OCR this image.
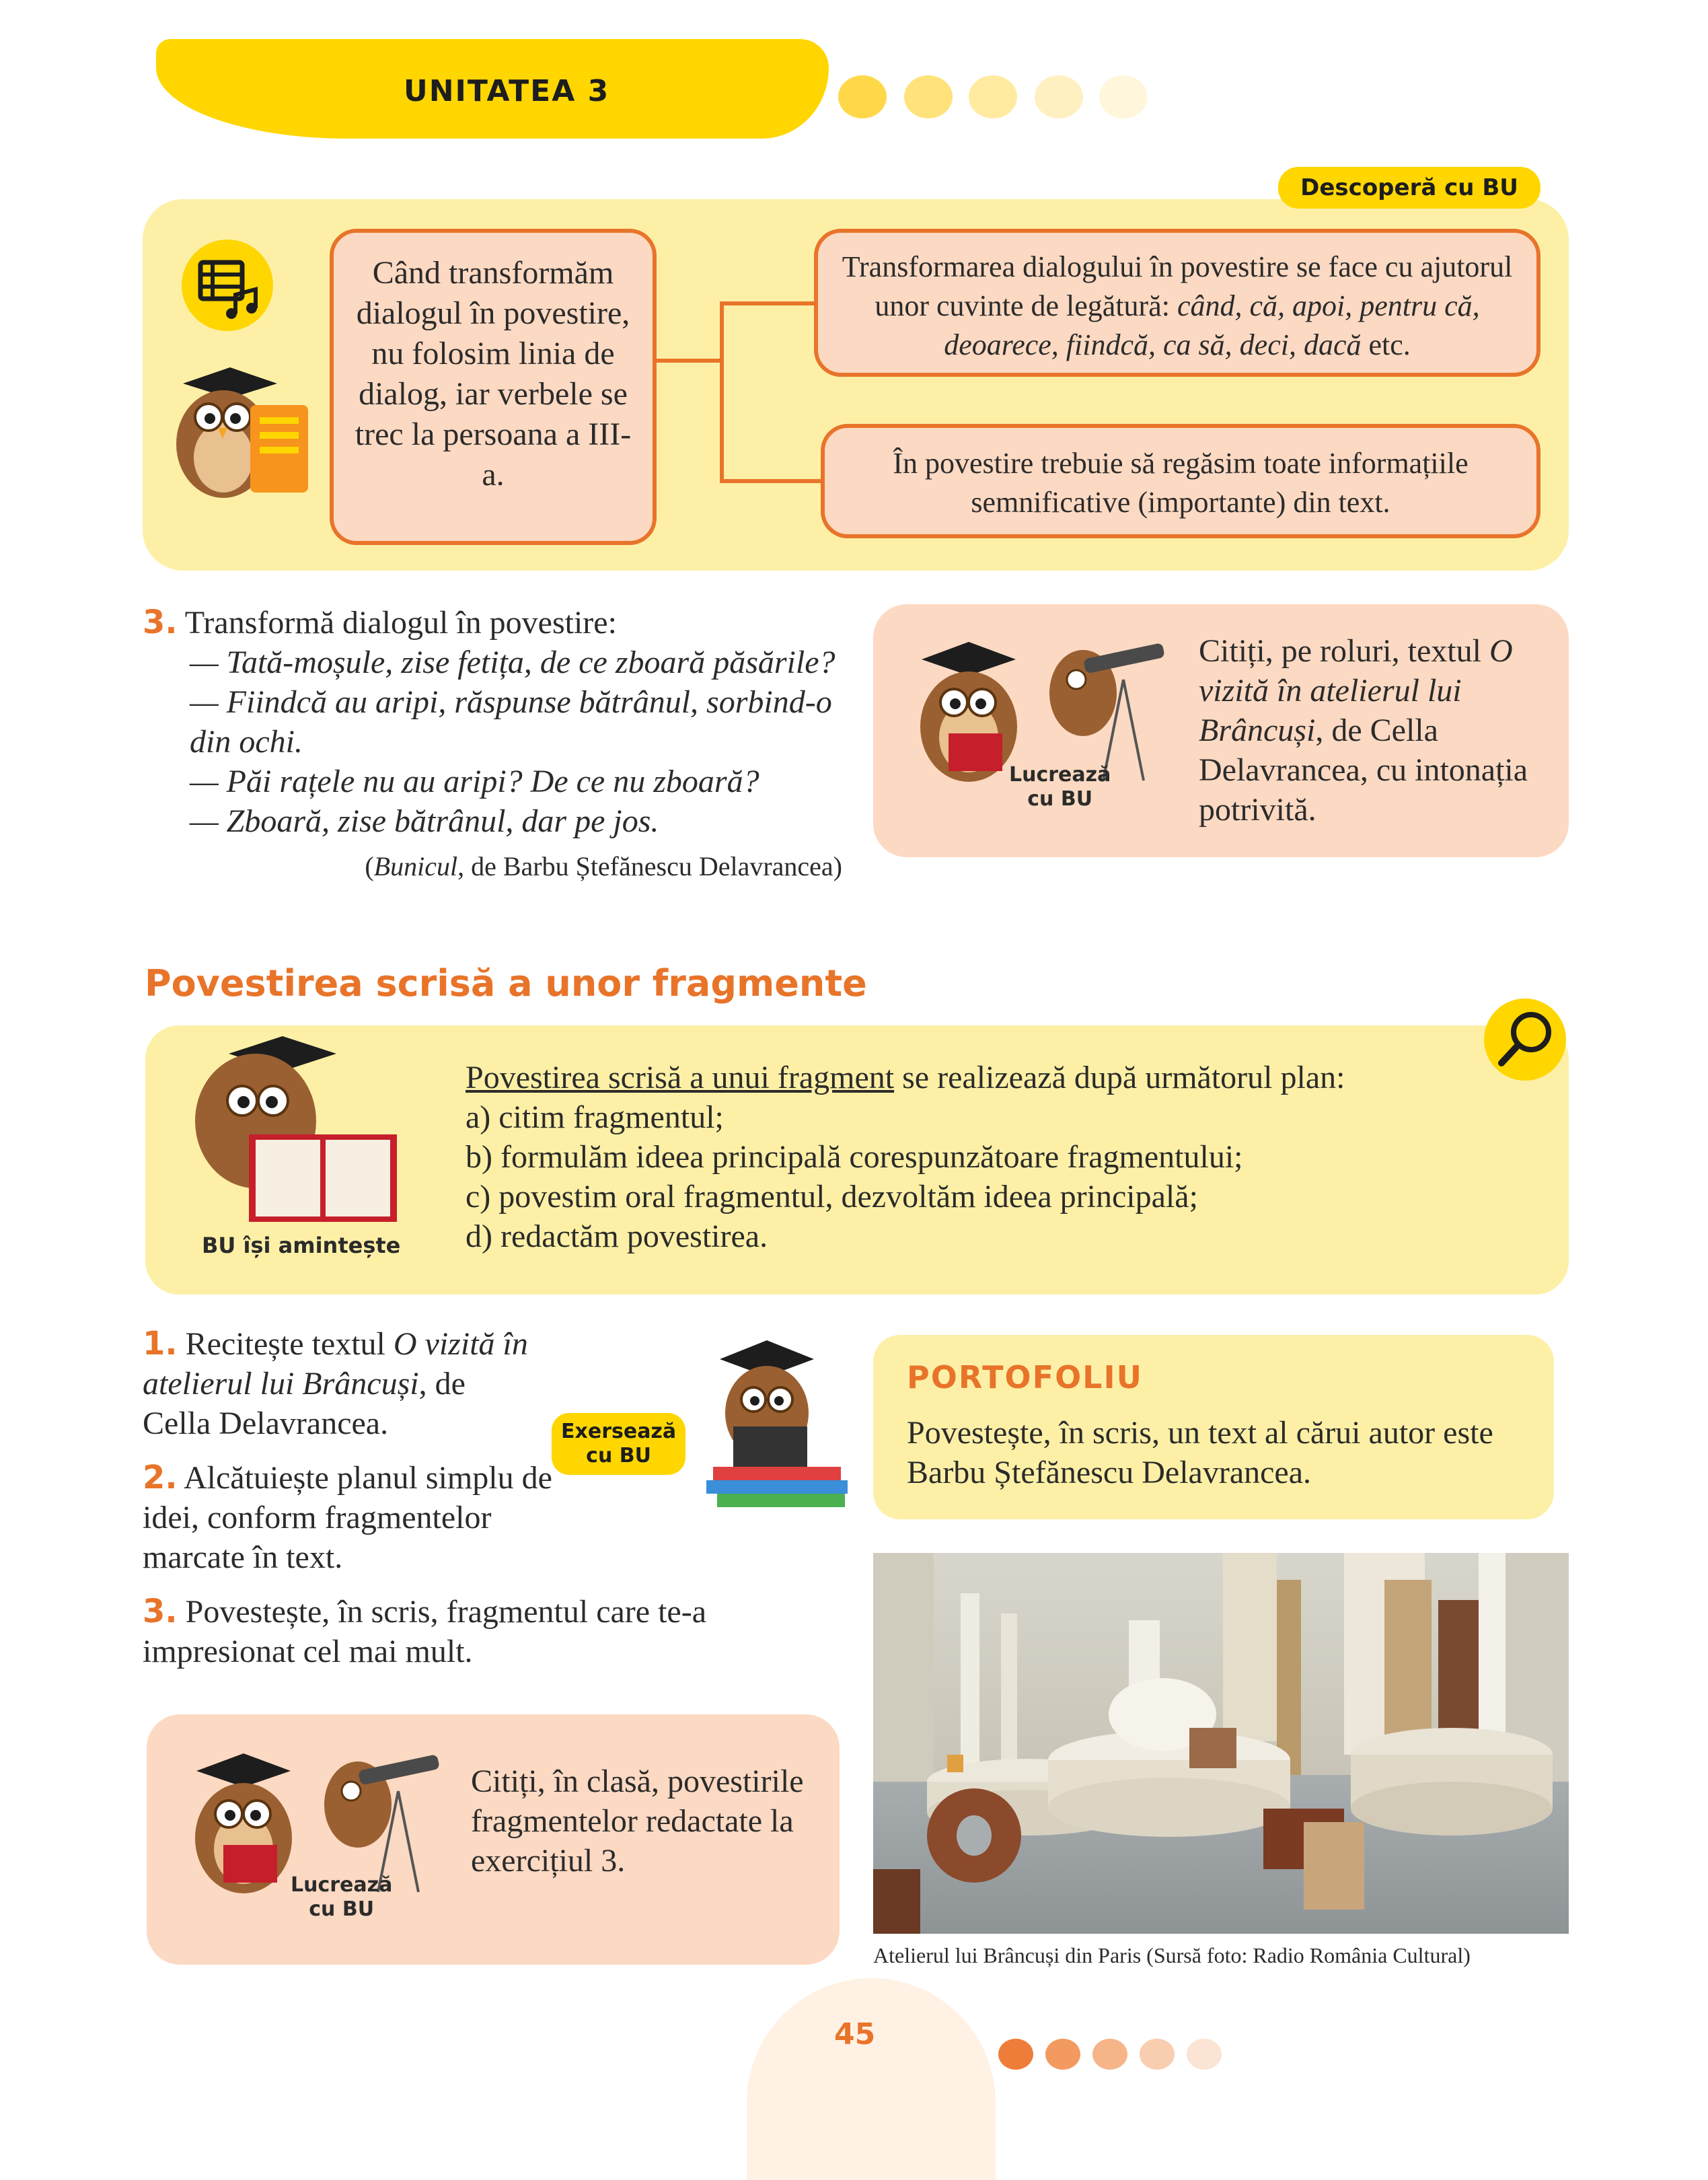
UNITATEA 3
Descoperă cu BU
Când transformăm dialogul în povestire, nu folosim linia de dialog, iar verbele se trec la persoana a III-a.
Transformarea dialogului în povestire se face cu ajutorul unor cuvinte de legătură: când, că, apoi, pentru că, deoarece, fiindcă, ca să, deci, dacă etc.
În povestire trebuie să regăsim toate informațiile semnificative (importante) din text.

3. Transformă dialogul în povestire:

— Tată-moșule, zise fetița, de ce zboară păsările?

— Fiindcă au aripi, răspunse bătrânul, sorbind-o din ochi.

— Păi rațele nu au aripi? De ce nu zboară?

— Zboară, zise bătrânul, dar pe jos.

(Bunicul, de Barbu Ștefănescu Delavrancea)

Lucrează
cu BU
Citiți, pe roluri, textul O vizită în atelierul lui Brâncuși, de Cella Delavrancea, cu intonația potrivită.
Povestirea scrisă a unor fragmente
BU își amintește

Povestirea scrisă a unui fragment se realizează după următorul plan:

a) citim fragmentul;

b) formulăm ideea principală corespunzătoare fragmentului;

c) povestim oral fragmentul, dezvoltăm ideea principală;

d) redactăm povestirea.

1. Recitește textul O vizită în atelierul lui Brâncuși, de Cella Delavrancea.

2. Alcătuiește planul simplu de idei, conform fragmentelor marcate în text.

3. Povestește, în scris, fragmentul care te-a impresionat cel mai mult.

Exersează
cu BU
PORTOFOLIU
Povestește, în scris, un text al cărui autor este Barbu Ștefănescu Delavrancea.
Atelierul lui Brâncuși din Paris (Sursă foto: Radio România Cultural)
Lucrează
cu BU
Citiți, în clasă, povestirile fragmentelor redactate la exercițiul 3.
45
